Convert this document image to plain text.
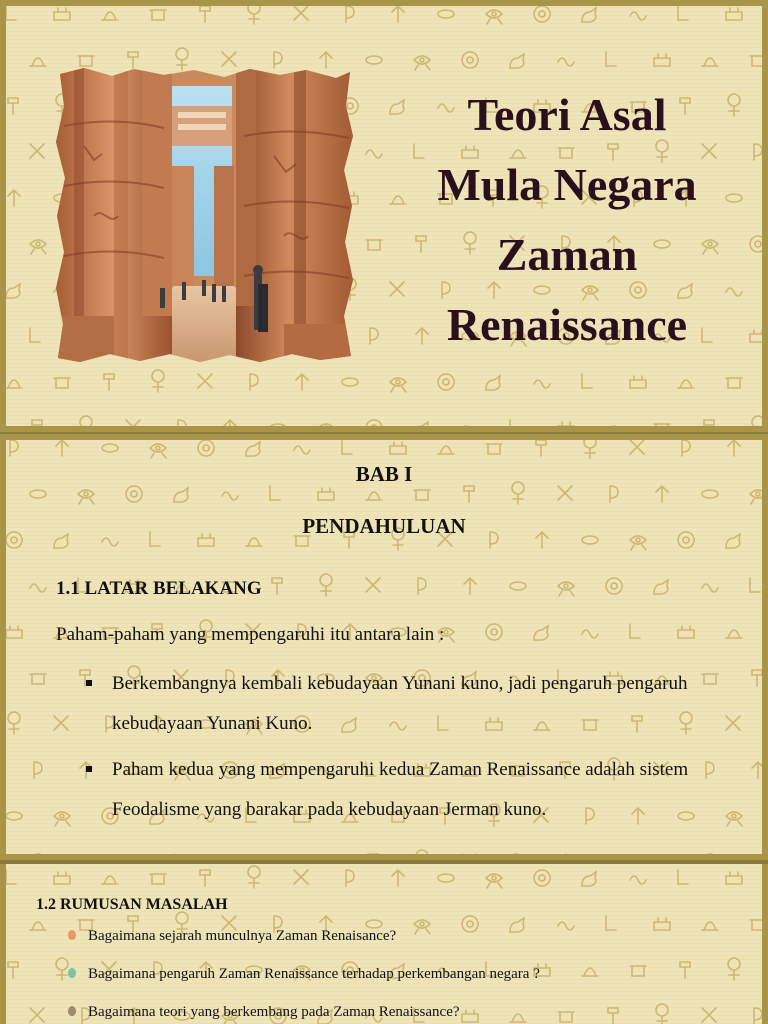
Teori Asal
Mula Negara
Zaman
Renaissance
BAB I
PENDAHULUAN
1.1 LATAR BELAKANG
Paham-paham yang mempengaruhi itu antara lain :
Berkembangnya kembali kebudayaan Yunani kuno, jadi pengaruh pengaruh kebudayaan Yunani Kuno.
Paham kedua yang mempengaruhi kedua Zaman Renaissance adalah sistem Feodalisme yang barakar pada kebudayaan Jerman kuno.
1.2 RUMUSAN MASALAH
Bagaimana sejarah munculnya Zaman Renaisance?
Bagaimana pengaruh Zaman Renaissance terhadap perkembangan negara ?
Bagaimana teori yang berkembang pada Zaman Renaissance?
